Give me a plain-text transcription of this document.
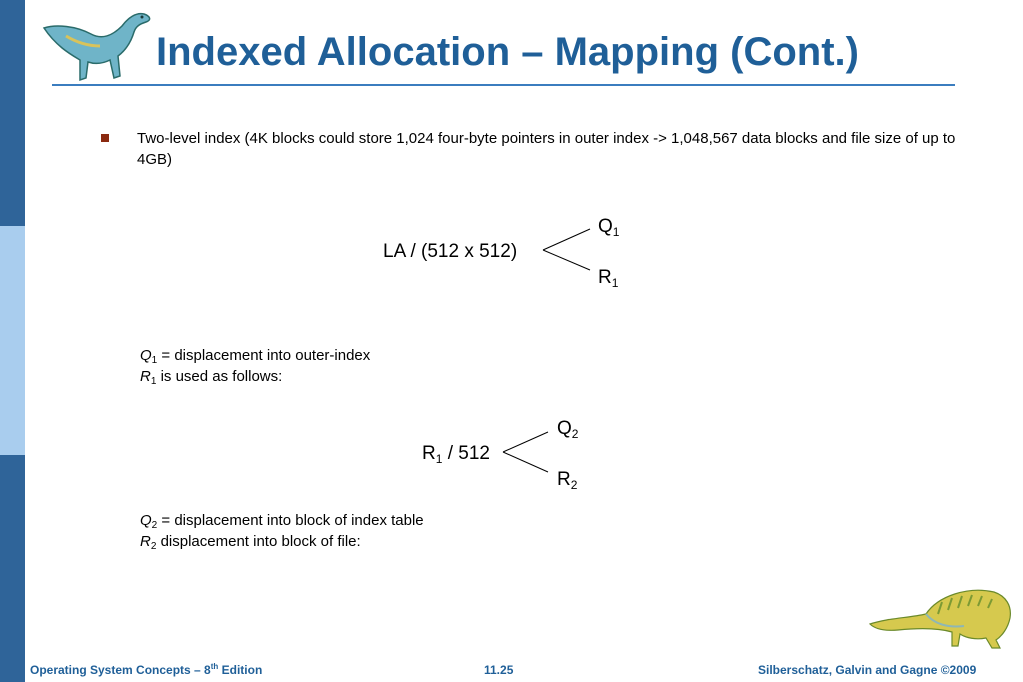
Indexed Allocation – Mapping (Cont.)
Two-level index (4K blocks could store 1,024 four-byte pointers in outer index -> 1,048,567 data blocks and file size of up to 4GB)
LA / (512 x 512)
$Q_1$
$R_1$
$Q_1$ = displacement into outer-index
$R_1$ is used as follows:
$R_1 / 512$
$Q_2$
$R_2$
$Q_2$ = displacement into block of index table
$R_2$ displacement into block of file:
Operating System Concepts – 8th Edition	11.25	Silberschatz, Galvin and Gagne ©2009
